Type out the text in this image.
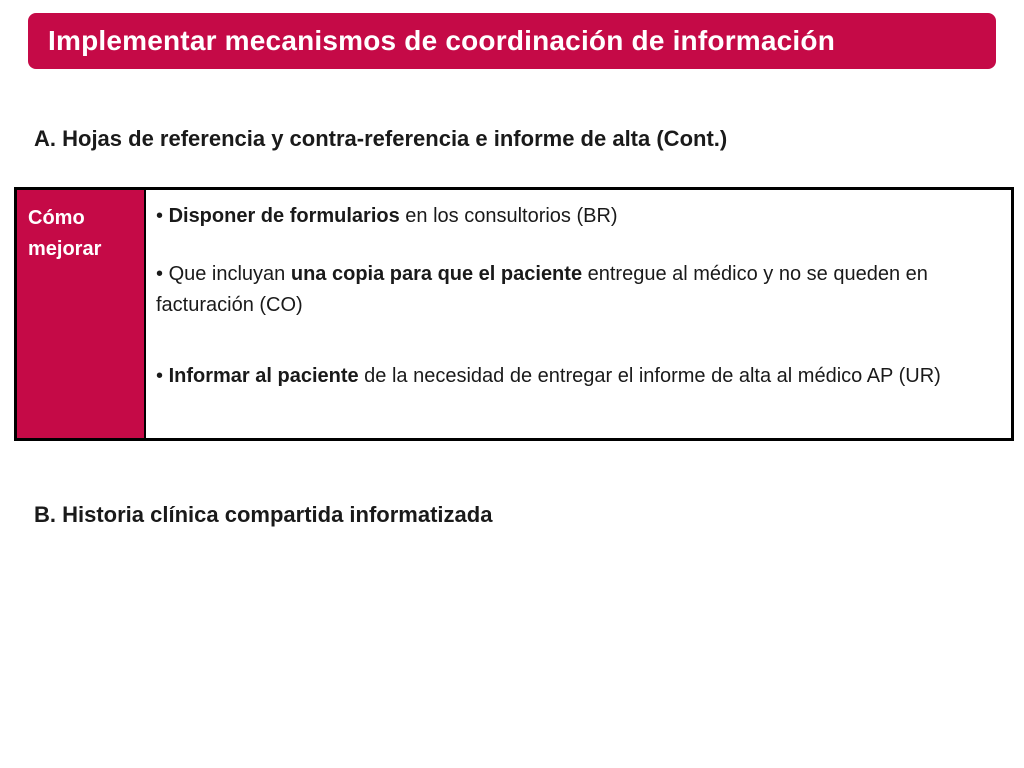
Implementar mecanismos de coordinación de información
A. Hojas de referencia y contra-referencia e informe de alta (Cont.)
Cómo
mejorar

• Disponer de formularios en los consultorios (BR)

• Que incluyan una copia para que el paciente entregue al médico y no se queden en facturación (CO)

• Informar al paciente de la necesidad de entregar el informe de alta al médico AP (UR)

B. Historia clínica compartida informatizada
